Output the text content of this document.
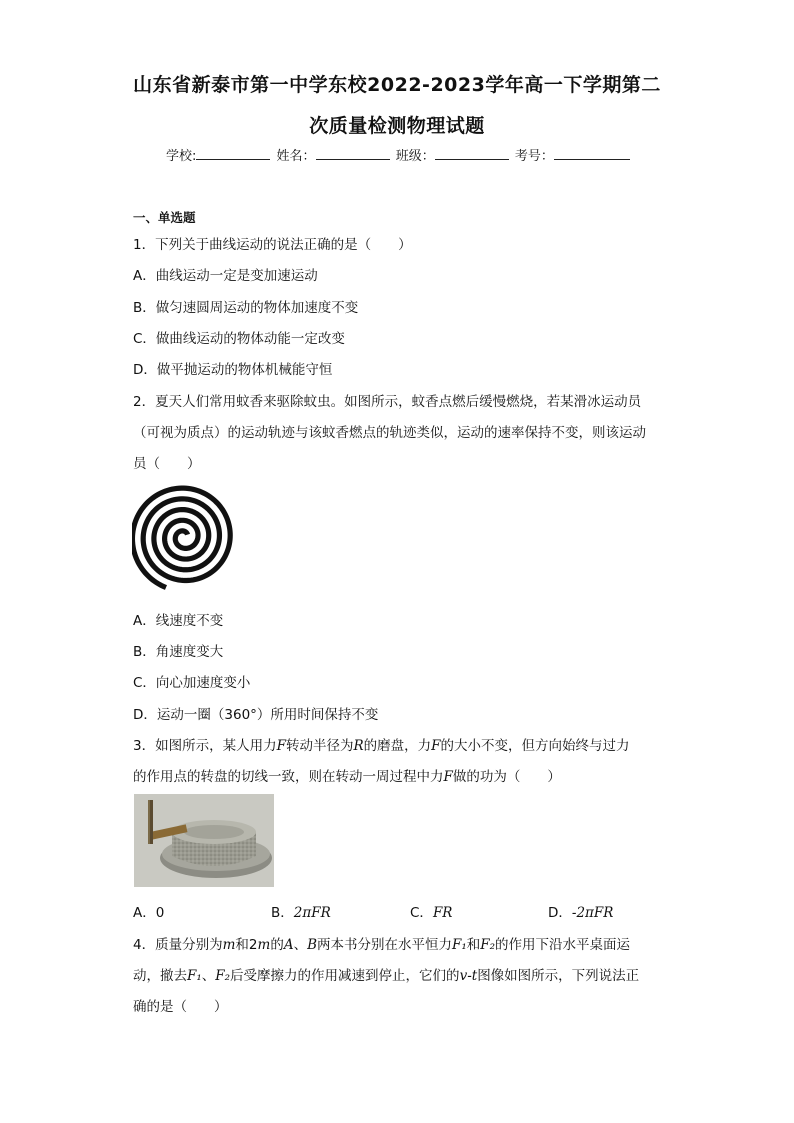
山东省新泰市第一中学东校2022-2023学年高一下学期第二
次质量检测物理试题
学校:	姓名：	班级：	考号：
一、单选题
1．下列关于曲线运动的说法正确的是（　　）
A．曲线运动一定是变加速运动
B．做匀速圆周运动的物体加速度不变
C．做曲线运动的物体动能一定改变
D．做平抛运动的物体机械能守恒
2．夏天人们常用蚊香来驱除蚊虫。如图所示，蚊香点燃后缓慢燃烧，若某滑冰运动员
（可视为质点）的运动轨迹与该蚊香燃点的轨迹类似，运动的速率保持不变，则该运动
员（　　）
A．线速度不变
B．角速度变大
C．向心加速度变小
D．运动一圈（360°）所用时间保持不变
3．如图所示，某人用力F转动半径为R的磨盘，力F的大小不变，但方向始终与过力
的作用点的转盘的切线一致，则在转动一周过程中力F做的功为（　　）
A．0	B．2πFR	C．FR	D．-2πFR
4．质量分别为m和2m的A、B两本书分别在水平恒力F₁和F₂的作用下沿水平桌面运
动，撤去F₁、F₂后受摩擦力的作用减速到停止，它们的v-t图像如图所示，下列说法正
确的是（　　）
